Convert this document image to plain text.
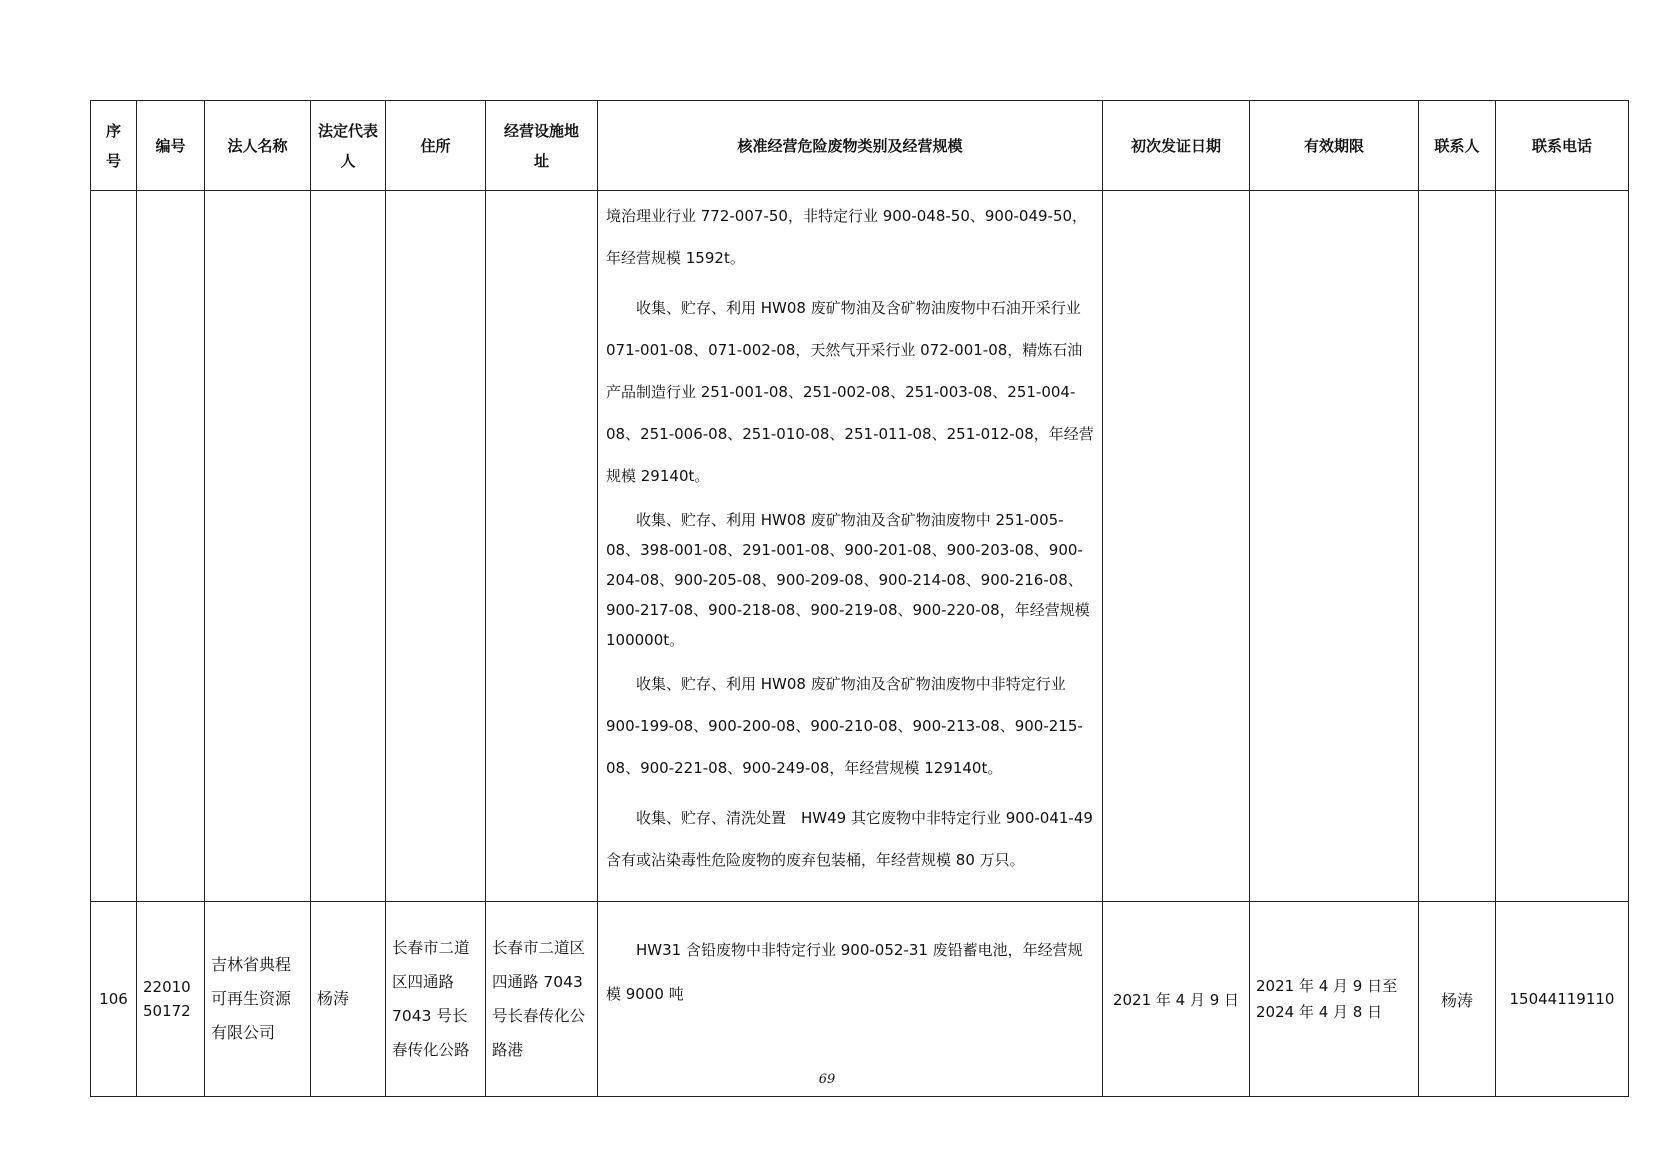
序号	编号	法人名称	法定代表人	住所	经营设施地址	核准经营危险废物类别及经营规模	初次发证日期	有效期限	联系人	联系电话

						境治理业行业 772-007-50，非特定行业 900-048-50、900-049-50，年经营规模 1592t。

收集、贮存、利用 HW08 废矿物油及含矿物油废物中石油开采行业 071-001-08、071-002-08，天然气开采行业 072-001-08，精炼石油产品制造行业 251-001-08、251-002-08、251-003-08、251-004-08、251-006-08、251-010-08、251-011-08、251-012-08，年经营规模 29140t。

收集、贮存、利用 HW08 废矿物油及含矿物油废物中 251-005-08、398-001-08、291-001-08、900-201-08、900-203-08、900-204-08、900-205-08、900-209-08、900-214-08、900-216-08、900-217-08、900-218-08、900-219-08、900-220-08，年经营规模 100000t。

收集、贮存、利用 HW08 废矿物油及含矿物油废物中非特定行业 900-199-08、900-200-08、900-210-08、900-213-08、900-215-08、900-221-08、900-249-08，年经营规模 129140t。

收集、贮存、清洗处置　HW49 其它废物中非特定行业 900-041-49 含有或沾染毒性危险废物的废弃包装桶，年经营规模 80 万只。				

106	2201050172	吉林省典程可再生资源有限公司	杨涛	长春市二道区四通路 7043 号长春传化公路	长春市二道区四通路 7043 号长春传化公路港	HW31 含铅废物中非特定行业 900-052-31 废铅蓄电池，年经营规模 9000 吨	2021 年 4 月 9 日	2021 年 4 月 9 日至 2024 年 4 月 8 日	杨涛	15044119110
69
